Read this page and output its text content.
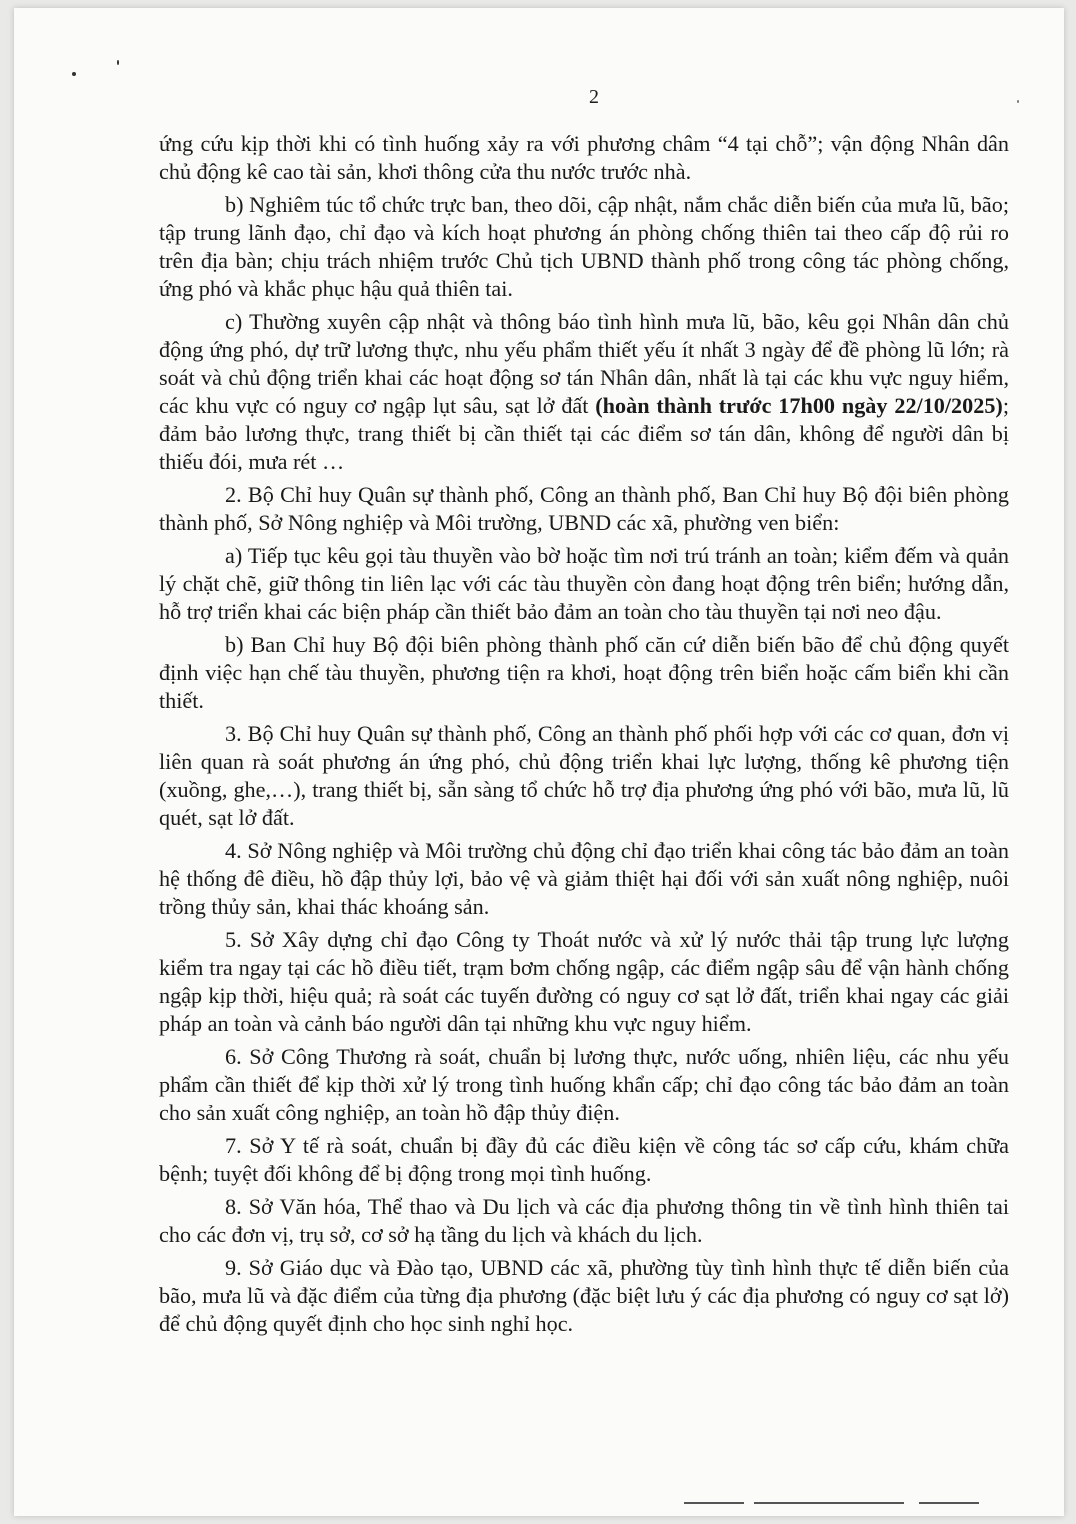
2

ứng cứu kịp thời khi có tình huống xảy ra với phương châm “4 tại chỗ”; vận động Nhân dân chủ động kê cao tài sản, khơi thông cửa thu nước trước nhà.

b) Nghiêm túc tổ chức trực ban, theo dõi, cập nhật, nắm chắc diễn biến của mưa lũ, bão; tập trung lãnh đạo, chỉ đạo và kích hoạt phương án phòng chống thiên tai theo cấp độ rủi ro trên địa bàn; chịu trách nhiệm trước Chủ tịch UBND thành phố trong công tác phòng chống, ứng phó và khắc phục hậu quả thiên tai.

c) Thường xuyên cập nhật và thông báo tình hình mưa lũ, bão, kêu gọi Nhân dân chủ động ứng phó, dự trữ lương thực, nhu yếu phẩm thiết yếu ít nhất 3 ngày để đề phòng lũ lớn; rà soát và chủ động triển khai các hoạt động sơ tán Nhân dân, nhất là tại các khu vực nguy hiểm, các khu vực có nguy cơ ngập lụt sâu, sạt lở đất (hoàn thành trước 17h00 ngày 22/10/2025); đảm bảo lương thực, trang thiết bị cần thiết tại các điểm sơ tán dân, không để người dân bị thiếu đói, mưa rét …

2. Bộ Chỉ huy Quân sự thành phố, Công an thành phố, Ban Chỉ huy Bộ đội biên phòng thành phố, Sở Nông nghiệp và Môi trường, UBND các xã, phường ven biển:

a) Tiếp tục kêu gọi tàu thuyền vào bờ hoặc tìm nơi trú tránh an toàn; kiểm đếm và quản lý chặt chẽ, giữ thông tin liên lạc với các tàu thuyền còn đang hoạt động trên biển; hướng dẫn, hỗ trợ triển khai các biện pháp cần thiết bảo đảm an toàn cho tàu thuyền tại nơi neo đậu.

b) Ban Chỉ huy Bộ đội biên phòng thành phố căn cứ diễn biến bão để chủ động quyết định việc hạn chế tàu thuyền, phương tiện ra khơi, hoạt động trên biển hoặc cấm biển khi cần thiết.

3. Bộ Chỉ huy Quân sự thành phố, Công an thành phố phối hợp với các cơ quan, đơn vị liên quan rà soát phương án ứng phó, chủ động triển khai lực lượng, thống kê phương tiện (xuồng, ghe,…), trang thiết bị, sẵn sàng tổ chức hỗ trợ địa phương ứng phó với bão, mưa lũ, lũ quét, sạt lở đất.

4. Sở Nông nghiệp và Môi trường chủ động chỉ đạo triển khai công tác bảo đảm an toàn hệ thống đê điều, hồ đập thủy lợi, bảo vệ và giảm thiệt hại đối với sản xuất nông nghiệp, nuôi trồng thủy sản, khai thác khoáng sản.

5. Sở Xây dựng chỉ đạo Công ty Thoát nước và xử lý nước thải tập trung lực lượng kiểm tra ngay tại các hồ điều tiết, trạm bơm chống ngập, các điểm ngập sâu để vận hành chống ngập kịp thời, hiệu quả; rà soát các tuyến đường có nguy cơ sạt lở đất, triển khai ngay các giải pháp an toàn và cảnh báo người dân tại những khu vực nguy hiểm.

6. Sở Công Thương rà soát, chuẩn bị lương thực, nước uống, nhiên liệu, các nhu yếu phẩm cần thiết để kịp thời xử lý trong tình huống khẩn cấp; chỉ đạo công tác bảo đảm an toàn cho sản xuất công nghiệp, an toàn hồ đập thủy điện.

7. Sở Y tế rà soát, chuẩn bị đầy đủ các điều kiện về công tác sơ cấp cứu, khám chữa bệnh; tuyệt đối không để bị động trong mọi tình huống.

8. Sở Văn hóa, Thể thao và Du lịch và các địa phương thông tin về tình hình thiên tai cho các đơn vị, trụ sở, cơ sở hạ tầng du lịch và khách du lịch.

9. Sở Giáo dục và Đào tạo, UBND các xã, phường tùy tình hình thực tế diễn biến của bão, mưa lũ và đặc điểm của từng địa phương (đặc biệt lưu ý các địa phương có nguy cơ sạt lở) để chủ động quyết định cho học sinh nghỉ học.
